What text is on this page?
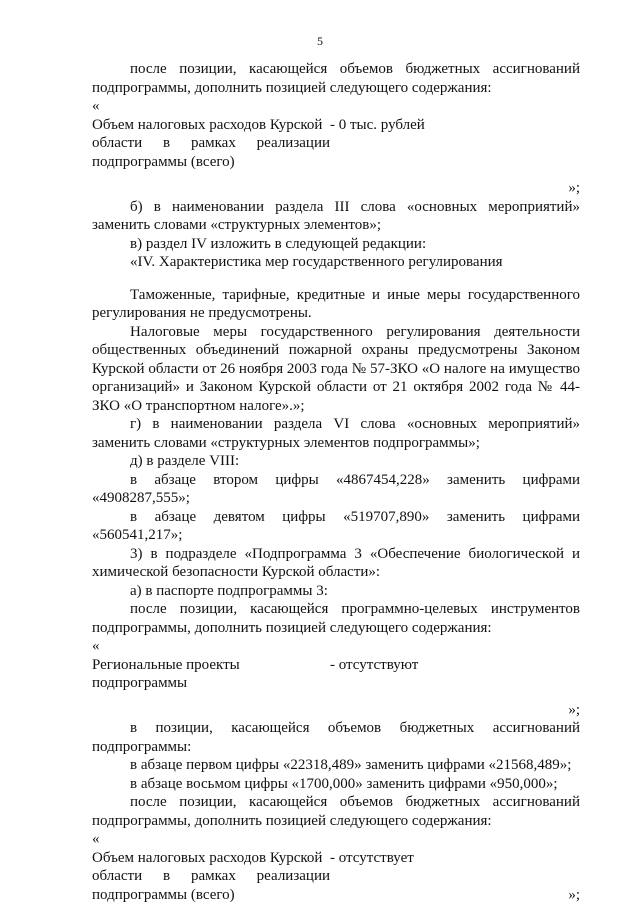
5

после позиции, касающейся объемов бюджетных ассигнований подпрограммы, дополнить позицией следующего содержания:

«

Объем налоговых расходов Курской
области в рамках реализации
подпрограммы (всего)
- 0 тыс. рублей

»;

б) в наименовании раздела III слова «основных мероприятий» заменить словами «структурных элементов»;

в) раздел IV изложить в следующей редакции:

«IV. Характеристика мер государственного регулирования

Таможенные, тарифные, кредитные и иные меры государственного регулирования не предусмотрены.

Налоговые меры государственного регулирования деятельности общественных объединений пожарной охраны предусмотрены Законом Курской области от 26 ноября 2003 года № 57-ЗКО «О налоге на имущество организаций» и Законом Курской области от 21 октября 2002 года № 44-ЗКО «О транспортном налоге».»;

г) в наименовании раздела VI слова «основных мероприятий» заменить словами «структурных элементов подпрограммы»;

д) в разделе VIII:

в абзаце втором цифры «4867454,228» заменить цифрами «4908287,555»;

в абзаце девятом цифры «519707,890» заменить цифрами «560541,217»;

3) в подразделе «Подпрограмма 3 «Обеспечение биологической и химической безопасности Курской области»:

а) в паспорте подпрограммы 3:

после позиции, касающейся программно-целевых инструментов подпрограммы, дополнить позицией следующего содержания:

«

Региональные проекты
подпрограммы
- отсутствуют

»;

в позиции, касающейся объемов бюджетных ассигнований подпрограммы:

в абзаце первом цифры «22318,489» заменить цифрами «21568,489»;

в абзаце восьмом цифры «1700,000» заменить цифрами «950,000»;

после позиции, касающейся объемов бюджетных ассигнований подпрограммы, дополнить позицией следующего содержания:

«

Объем налоговых расходов Курской
области в рамках реализации
подпрограммы (всего)	»;
- отсутствует
